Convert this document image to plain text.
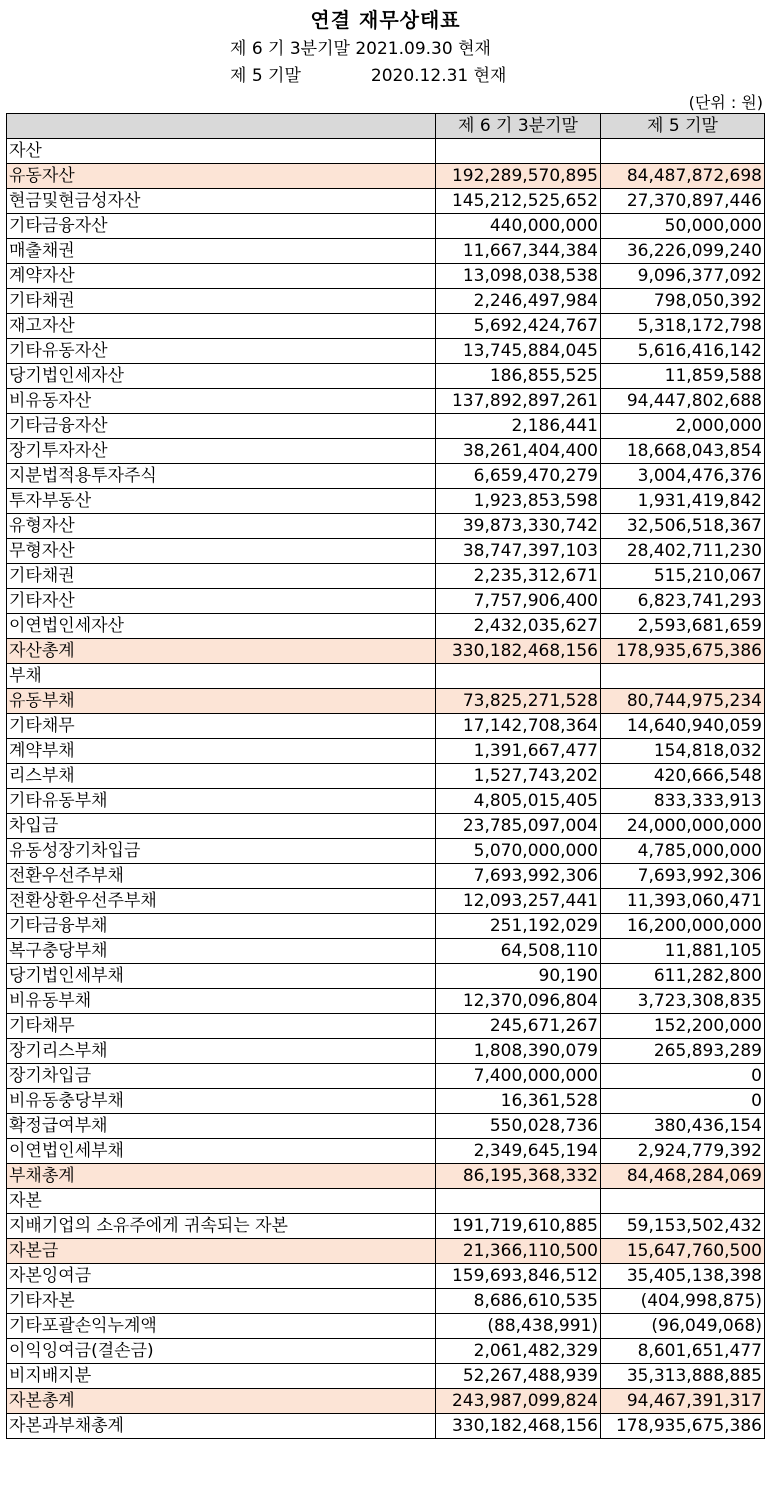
연결 재무상태표
제 6 기 3분기말 2021.09.30 현재
제 5 기말	2020.12.31 현재
(단위 : 원)
	제 6 기 3분기말	제 5 기말
자산		
유동자산	192,289,570,895	84,487,872,698
현금및현금성자산	145,212,525,652	27,370,897,446
기타금융자산	440,000,000	50,000,000
매출채권	11,667,344,384	36,226,099,240
계약자산	13,098,038,538	9,096,377,092
기타채권	2,246,497,984	798,050,392
재고자산	5,692,424,767	5,318,172,798
기타유동자산	13,745,884,045	5,616,416,142
당기법인세자산	186,855,525	11,859,588
비유동자산	137,892,897,261	94,447,802,688
기타금융자산	2,186,441	2,000,000
장기투자자산	38,261,404,400	18,668,043,854
지분법적용투자주식	6,659,470,279	3,004,476,376
투자부동산	1,923,853,598	1,931,419,842
유형자산	39,873,330,742	32,506,518,367
무형자산	38,747,397,103	28,402,711,230
기타채권	2,235,312,671	515,210,067
기타자산	7,757,906,400	6,823,741,293
이연법인세자산	2,432,035,627	2,593,681,659
자산총계	330,182,468,156	178,935,675,386
부채		
유동부채	73,825,271,528	80,744,975,234
기타채무	17,142,708,364	14,640,940,059
계약부채	1,391,667,477	154,818,032
리스부채	1,527,743,202	420,666,548
기타유동부채	4,805,015,405	833,333,913
차입금	23,785,097,004	24,000,000,000
유동성장기차입금	5,070,000,000	4,785,000,000
전환우선주부채	7,693,992,306	7,693,992,306
전환상환우선주부채	12,093,257,441	11,393,060,471
기타금융부채	251,192,029	16,200,000,000
복구충당부채	64,508,110	11,881,105
당기법인세부채	90,190	611,282,800
비유동부채	12,370,096,804	3,723,308,835
기타채무	245,671,267	152,200,000
장기리스부채	1,808,390,079	265,893,289
장기차입금	7,400,000,000	0
비유동충당부채	16,361,528	0
확정급여부채	550,028,736	380,436,154
이연법인세부채	2,349,645,194	2,924,779,392
부채총계	86,195,368,332	84,468,284,069
자본		
지배기업의 소유주에게 귀속되는 자본	191,719,610,885	59,153,502,432
자본금	21,366,110,500	15,647,760,500
자본잉여금	159,693,846,512	35,405,138,398
기타자본	8,686,610,535	(404,998,875)
기타포괄손익누계액	(88,438,991)	(96,049,068)
이익잉여금(결손금)	2,061,482,329	8,601,651,477
비지배지분	52,267,488,939	35,313,888,885
자본총계	243,987,099,824	94,467,391,317
자본과부채총계	330,182,468,156	178,935,675,386
